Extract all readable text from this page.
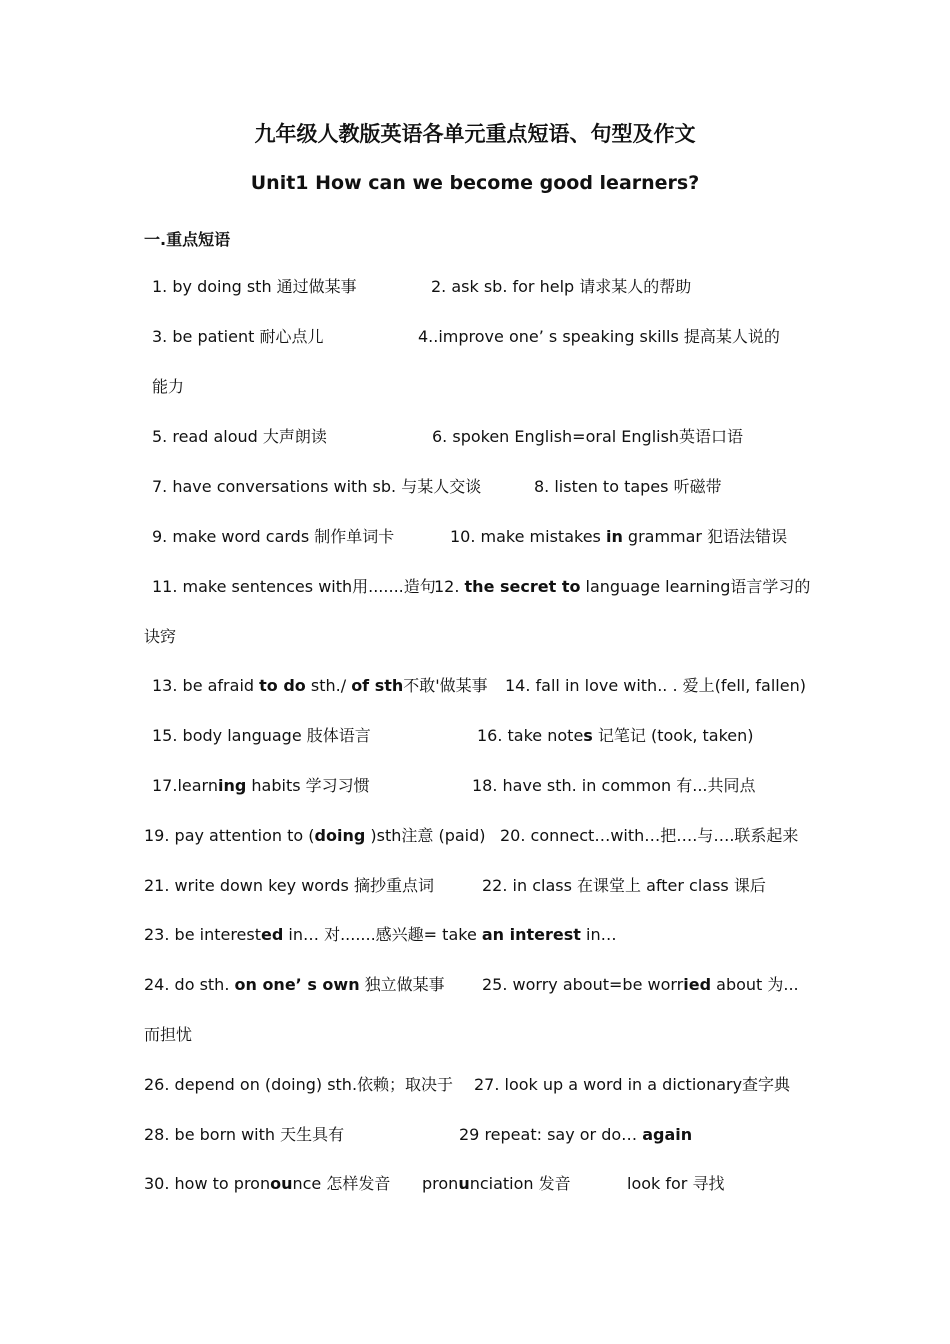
九年级人教版英语各单元重点短语、句型及作文
Unit1 How can we become good learners?
一.重点短语
1. by doing sth 通过做某事	2. ask sb. for help 请求某人的帮助
3. be patient 耐心点儿	4..improve one’ s speaking skills 提高某人说的
能力
5. read aloud 大声朗读	6. spoken English=oral English英语口语
7. have conversations with sb. 与某人交谈	8. listen to tapes 听磁带
9. make word cards 制作单词卡	10. make mistakes in grammar 犯语法错误
11. make sentences with用.......造句
12. the secret to language learning语言学习的
诀窍
13. be afraid to do sth./ of sth不敢'做某事 14. fall in love with.. . 爱上(fell, fallen)
15. body language 肢体语言	16. take notes 记笔记 (took, taken)
17.learning habits 学习习惯	18. have sth. in common 有...共同点
19. pay attention to (doing )sth注意 (paid) 20. connect…with…把….与….联系起来
21. write down key words 摘抄重点词	22. in class 在课堂上 after class 课后
23. be interested in… 对.......感兴趣= take an interest in…
24. do sth. on one’ s own 独立做某事 25. worry about=be worried about 为...
而担忧
26. depend on (doing) sth.依赖；取决于 27. look up a word in a dictionary查字典
28. be born with 天生具有	29 repeat: say or do… again
30. how to pronounce 怎样发音 pronunciation 发音	look for 寻找
